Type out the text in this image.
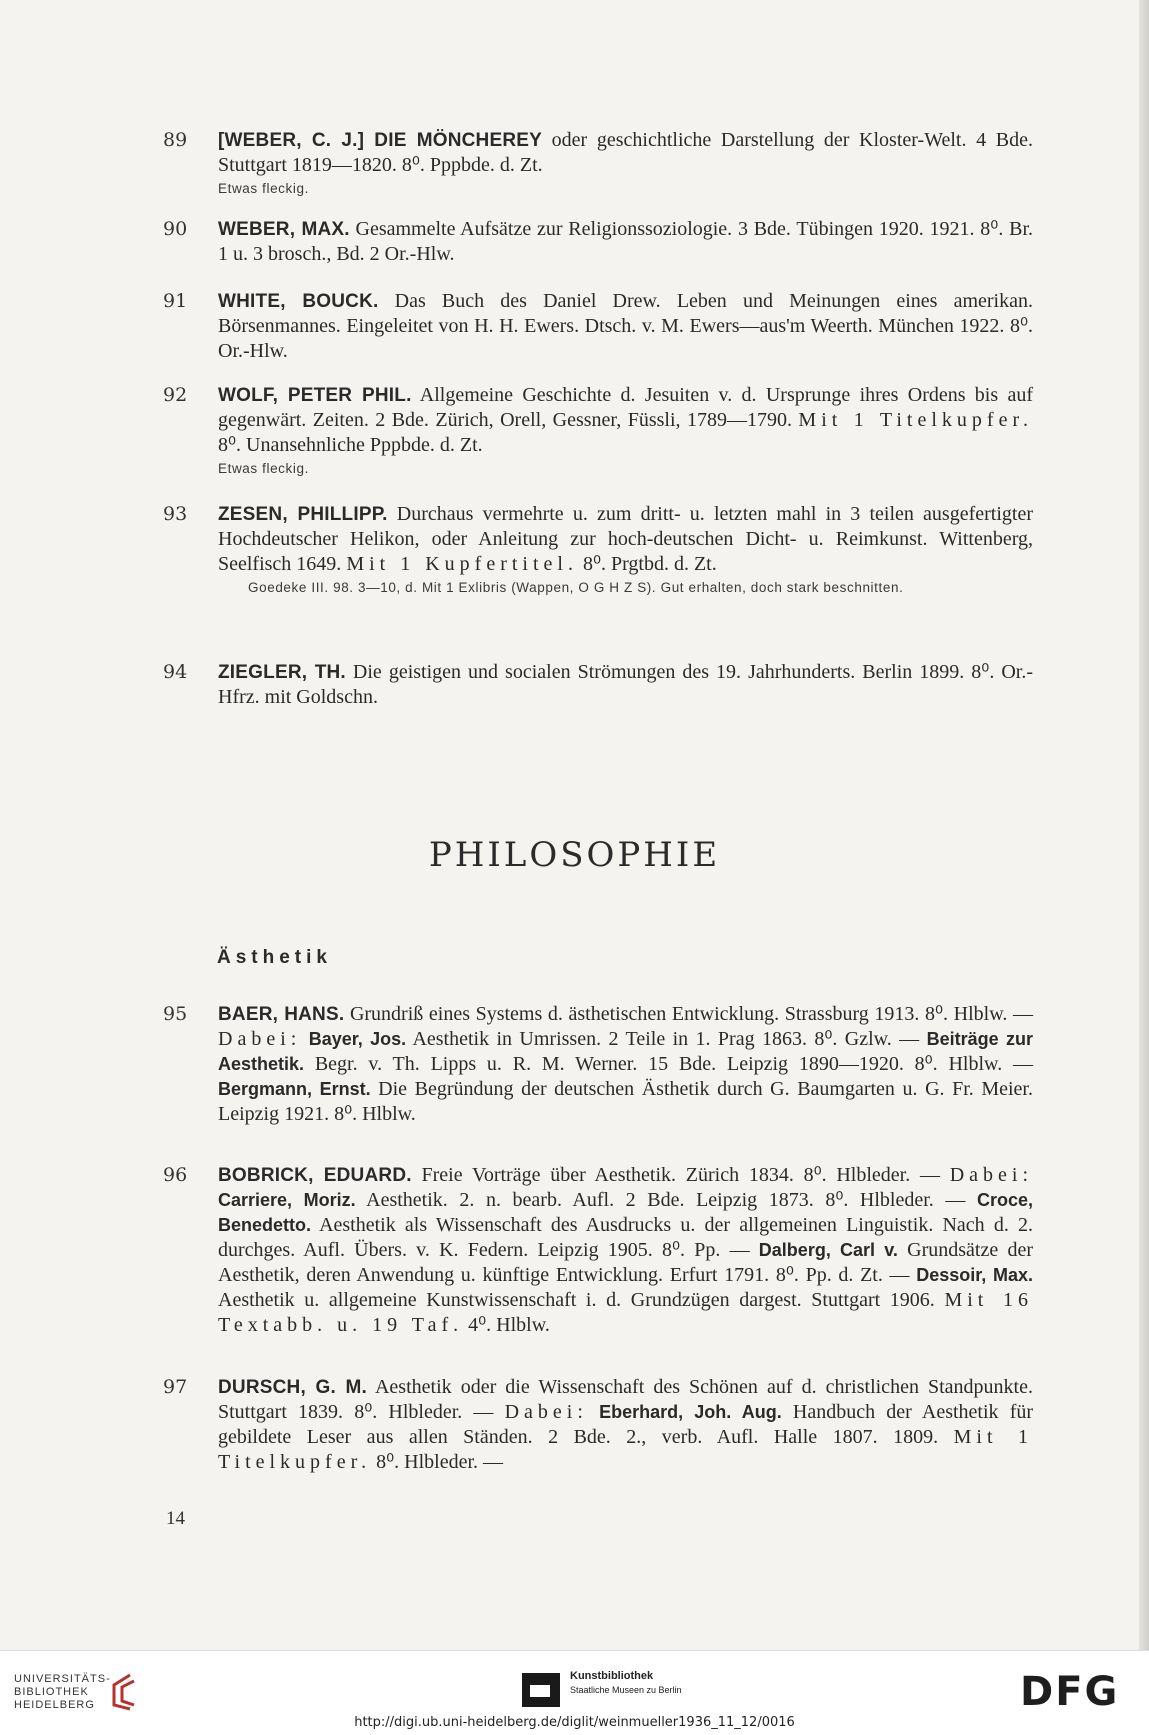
89	[WEBER, C. J.] DIE MÖNCHEREY oder geschichtliche Darstellung der Kloster-Welt. 4 Bde. Stuttgart 1819—1820. 8⁰. Pppbde. d. Zt.
Etwas fleckig.
90	WEBER, MAX. Gesammelte Aufsätze zur Religionssoziologie. 3 Bde. Tübingen 1920. 1921. 8⁰. Br. 1 u. 3 brosch., Bd. 2 Or.-Hlw.
91	WHITE, BOUCK. Das Buch des Daniel Drew. Leben und Meinungen eines amerikan. Börsenmannes. Eingeleitet von H. H. Ewers. Dtsch. v. M. Ewers—aus'm Weerth. München 1922. 8⁰. Or.-Hlw.
92	WOLF, PETER PHIL. Allgemeine Geschichte d. Jesuiten v. d. Ursprunge ihres Ordens bis auf gegenwärt. Zeiten. 2 Bde. Zürich, Orell, Gessner, Füssli, 1789—1790. Mit 1 Titelkupfer. 8⁰. Unansehnliche Pppbde. d. Zt.
Etwas fleckig.
93	ZESEN, PHILLIPP. Durchaus vermehrte u. zum dritt- u. letzten mahl in 3 teilen ausgefertigter Hochdeutscher Helikon, oder Anleitung zur hoch-deutschen Dicht- u. Reimkunst. Wittenberg, Seelfisch 1649. Mit 1 Kupfertitel. 8⁰. Prgtbd. d. Zt.
Goedeke III. 98. 3—10, d. Mit 1 Exlibris (Wappen, O G H Z S). Gut erhalten, doch stark beschnitten.
94	ZIEGLER, TH. Die geistigen und socialen Strömungen des 19. Jahrhunderts. Berlin 1899. 8⁰. Or.-Hfrz. mit Goldschn.
PHILOSOPHIE
Ästhetik
95	BAER, HANS. Grundriß eines Systems d. ästhetischen Entwicklung. Strassburg 1913. 8⁰. Hlblw. — Dabei: Bayer, Jos. Aesthetik in Umrissen. 2 Teile in 1. Prag 1863. 8⁰. Gzlw. — Beiträge zur Aesthetik. Begr. v. Th. Lipps u. R. M. Werner. 15 Bde. Leipzig 1890—1920. 8⁰. Hlblw. — Bergmann, Ernst. Die Begründung der deutschen Ästhetik durch G. Baumgarten u. G. Fr. Meier. Leipzig 1921. 8⁰. Hlblw.
96	BOBRICK, EDUARD. Freie Vorträge über Aesthetik. Zürich 1834. 8⁰. Hlbleder. — Dabei: Carriere, Moriz. Aesthetik. 2. n. bearb. Aufl. 2 Bde. Leipzig 1873. 8⁰. Hlbleder. — Croce, Benedetto. Aesthetik als Wissenschaft des Ausdrucks u. der allgemeinen Linguistik. Nach d. 2. durchges. Aufl. Übers. v. K. Federn. Leipzig 1905. 8⁰. Pp. — Dalberg, Carl v. Grundsätze der Aesthetik, deren Anwendung u. künftige Entwicklung. Erfurt 1791. 8⁰. Pp. d. Zt. — Dessoir, Max. Aesthetik u. allgemeine Kunstwissenschaft i. d. Grundzügen dargest. Stuttgart 1906. Mit 16 Textabb. u. 19 Taf. 4⁰. Hlblw.
97	DURSCH, G. M. Aesthetik oder die Wissenschaft des Schönen auf d. christlichen Standpunkte. Stuttgart 1839. 8⁰. Hlbleder. — Dabei: Eberhard, Joh. Aug. Handbuch der Aesthetik für gebildete Leser aus allen Ständen. 2 Bde. 2., verb. Aufl. Halle 1807. 1809. Mit 1 Titelkupfer. 8⁰. Hlbleder. —
14
UNIVERSITÄTS-
BIBLIOTHEK
HEIDELBERG
Kunstbibliothek
Staatliche Museen zu Berlin	DFG
http://digi.ub.uni-heidelberg.de/diglit/weinmueller1936_11_12/0016
